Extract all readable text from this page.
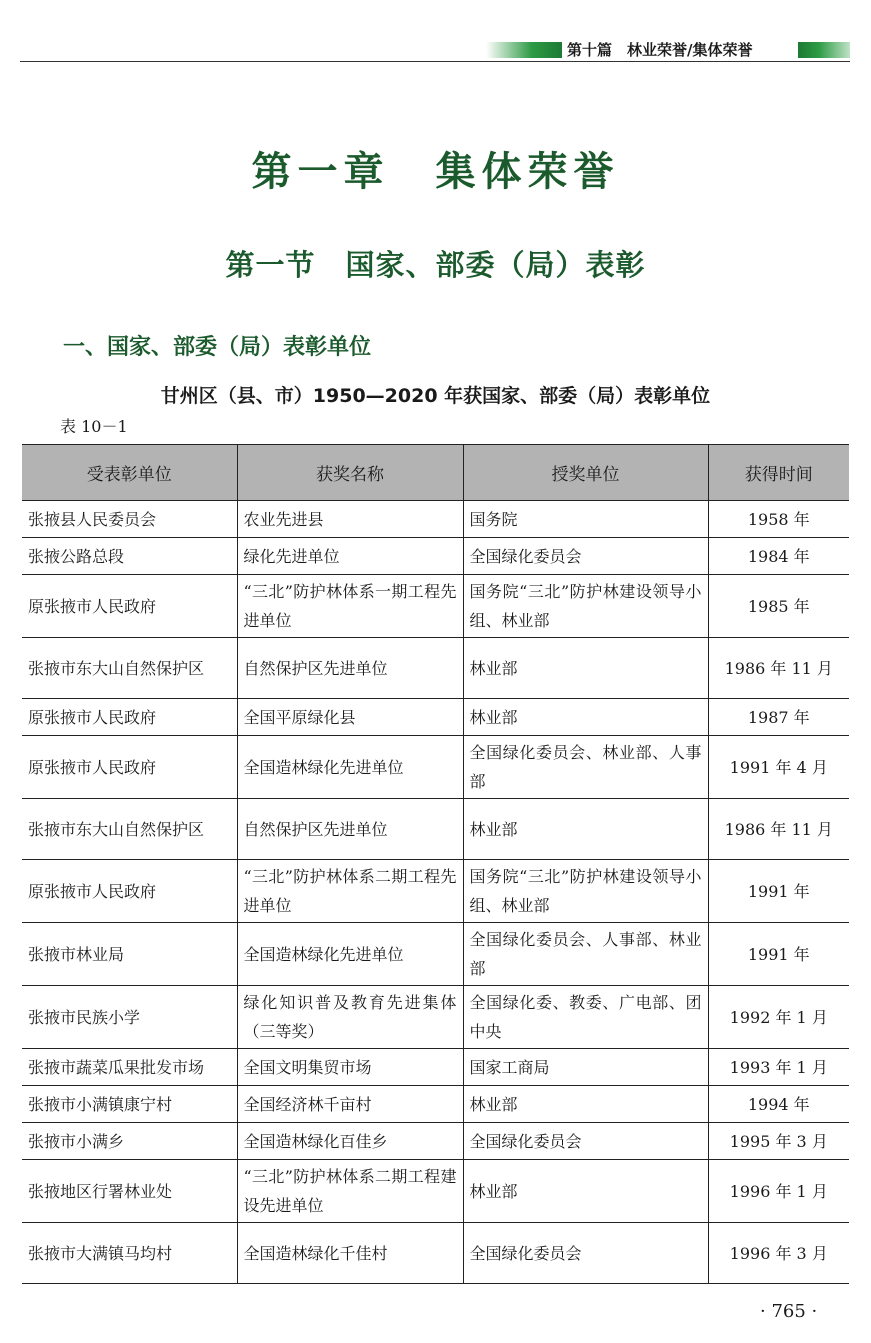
第十篇　林业荣誉/集体荣誉
第一章　集体荣誉
第一节　国家、部委（局）表彰
一、国家、部委（局）表彰单位
甘州区（县、市）1950—2020 年获国家、部委（局）表彰单位
表 10－1
受表彰单位	获奖名称	授奖单位	获得时间
张掖县人民委员会	农业先进县	国务院	1958 年
张掖公路总段	绿化先进单位	全国绿化委员会	1984 年
原张掖市人民政府	“三北”防护林体系一期工程先进单位	国务院“三北”防护林建设领导小组、林业部	1985 年
张掖市东大山自然保护区	自然保护区先进单位	林业部	1986 年 11 月
原张掖市人民政府	全国平原绿化县	林业部	1987 年
原张掖市人民政府	全国造林绿化先进单位	全国绿化委员会、林业部、人事部	1991 年 4 月
张掖市东大山自然保护区	自然保护区先进单位	林业部	1986 年 11 月
原张掖市人民政府	“三北”防护林体系二期工程先进单位	国务院“三北”防护林建设领导小组、林业部	1991 年
张掖市林业局	全国造林绿化先进单位	全国绿化委员会、人事部、林业部	1991 年
张掖市民族小学	绿化知识普及教育先进集体（三等奖）	全国绿化委、教委、广电部、团中央	1992 年 1 月
张掖市蔬菜瓜果批发市场	全国文明集贸市场	国家工商局	1993 年 1 月
张掖市小满镇康宁村	全国经济林千亩村	林业部	1994 年
张掖市小满乡	全国造林绿化百佳乡	全国绿化委员会	1995 年 3 月
张掖地区行署林业处	“三北”防护林体系二期工程建设先进单位	林业部	1996 年 1 月
张掖市大满镇马均村	全国造林绿化千佳村	全国绿化委员会	1996 年 3 月
· 765 ·
